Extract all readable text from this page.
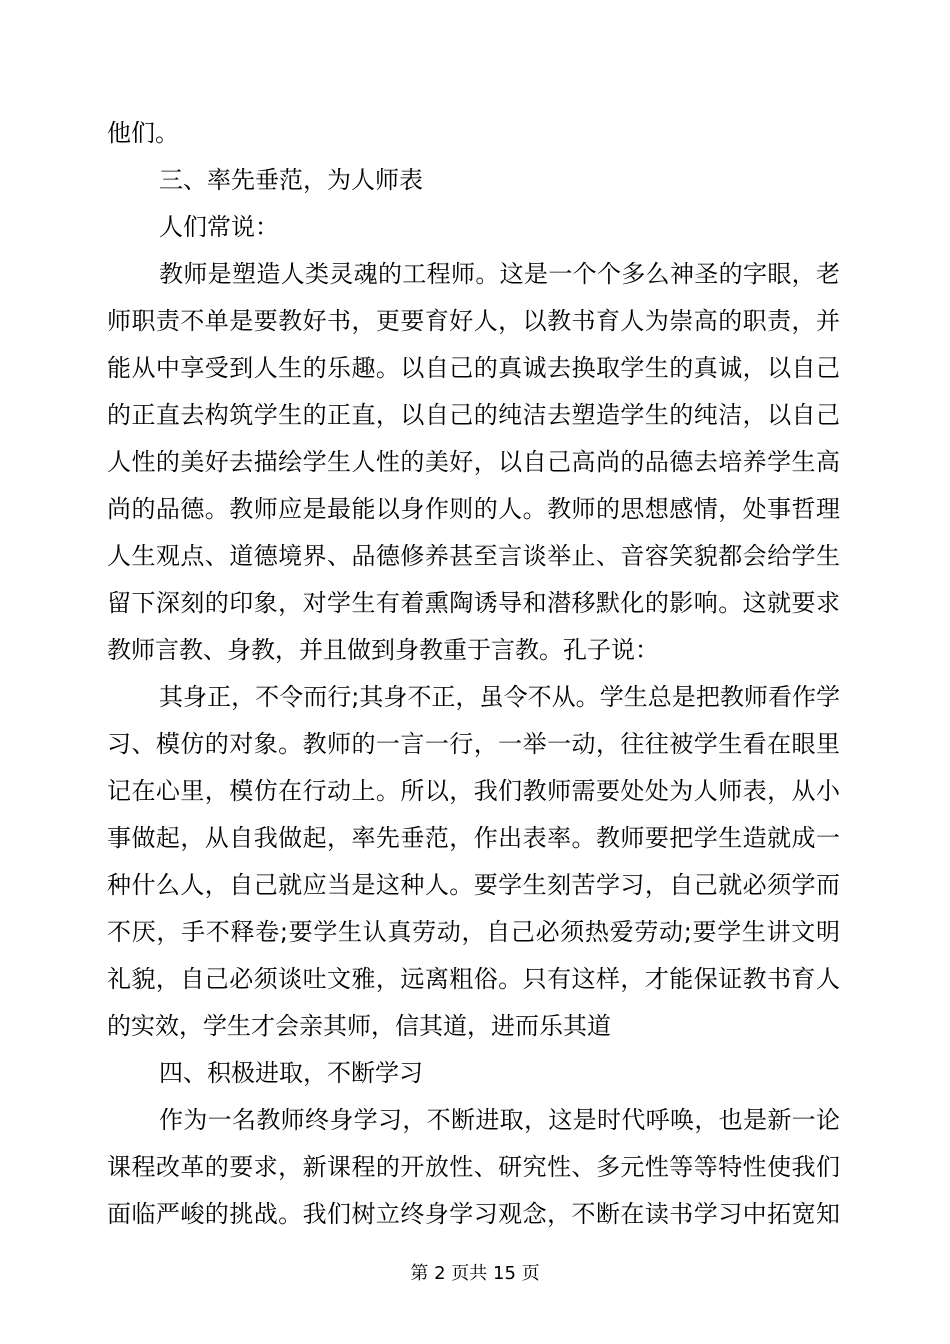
他们。
三、率先垂范，为人师表
人们常说：
教师是塑造人类灵魂的工程师。这是一个个多么神圣的字眼，老
师职责不单是要教好书，更要育好人，以教书育人为崇高的职责，并
能从中享受到人生的乐趣。以自己的真诚去换取学生的真诚，以自己
的正直去构筑学生的正直，以自己的纯洁去塑造学生的纯洁，以自己
人性的美好去描绘学生人性的美好，以自己高尚的品德去培养学生高
尚的品德。教师应是最能以身作则的人。教师的思想感情，处事哲理
人生观点、道德境界、品德修养甚至言谈举止、音容笑貌都会给学生
留下深刻的印象，对学生有着熏陶诱导和潜移默化的影响。这就要求
教师言教、身教，并且做到身教重于言教。孔子说：
其身正，不令而行;其身不正，虽令不从。学生总是把教师看作学
习、模仿的对象。教师的一言一行，一举一动，往往被学生看在眼里
记在心里，模仿在行动上。所以，我们教师需要处处为人师表，从小
事做起，从自我做起，率先垂范，作出表率。教师要把学生造就成一
种什么人，自己就应当是这种人。要学生刻苦学习，自己就必须学而
不厌，手不释卷;要学生认真劳动，自己必须热爱劳动;要学生讲文明
礼貌，自己必须谈吐文雅，远离粗俗。只有这样，才能保证教书育人
的实效，学生才会亲其师，信其道，进而乐其道
四、积极进取，不断学习
作为一名教师终身学习，不断进取，这是时代呼唤，也是新一论
课程改革的要求，新课程的开放性、研究性、多元性等等特性使我们
面临严峻的挑战。我们树立终身学习观念，不断在读书学习中拓宽知
第 2 页共 15 页
